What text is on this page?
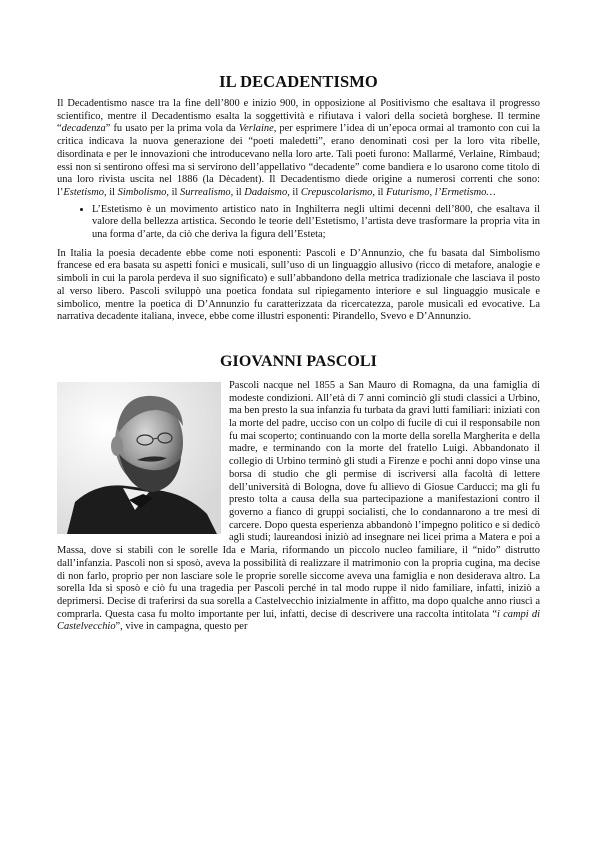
IL DECADENTISMO

Il Decadentismo nasce tra la fine dell’800 e inizio 900, in opposizione al Positivismo che esaltava il progresso scientifico, mentre il Decadentismo esalta la soggettività e rifiutava i valori della società borghese. Il termine “decadenza” fu usato per la prima vola da Verlaine, per esprimere l’idea di un’epoca ormai al tramonto con cui la critica indicava la nuova generazione dei “poeti maledetti”, erano denominati così per la loro vita ribelle, disordinata e per le innovazioni che introducevano nella loro arte. Tali poeti furono: Mallarmé, Verlaine, Rimbaud; essi non si sentirono offesi ma si servirono dell’appellativo “decadente” come bandiera e lo usarono come titolo di una loro rivista uscita nel 1886 (la Dècadent). Il Decadentismo diede origine a numerosi correnti che sono: l’Estetismo, il Simbolismo, il Surrealismo, il Dadaismo, il Crepuscolarismo, il Futurismo, l’Ermetismo…

• L’Estetismo è un movimento artistico nato in Inghilterra negli ultimi decenni dell’800, che esaltava il valore della bellezza artistica. Secondo le teorie dell’Estetismo, l’artista deve trasformare la propria vita in una forma d’arte, da ciò che deriva la figura dell’Esteta;

In Italia la poesia decadente ebbe come noti esponenti: Pascoli e D’Annunzio, che fu basata dal Simbolismo francese ed era basata su aspetti fonici e musicali, sull’uso di un linguaggio allusivo (ricco di metafore, analogie e simboli in cui la parola perdeva il suo significato) e sull’abbandono della metrica tradizionale che lasciava il posto al verso libero. Pascoli sviluppò una poetica fondata sul ripiegamento interiore e sul linguaggio musicale e simbolico, mentre la poetica di D’Annunzio fu caratterizzata da ricercatezza, parole musicali ed evocative. La narrativa decadente italiana, invece, ebbe come illustri esponenti: Pirandello, Svevo e D’Annunzio.

GIOVANNI PASCOLI

Pascoli nacque nel 1855 a San Mauro di Romagna, da una famiglia di modeste condizioni. All’età di 7 anni cominciò gli studi classici a Urbino, ma ben presto la sua infanzia fu turbata da gravi lutti familiari: iniziati con la morte del padre, ucciso con un colpo di fucile di cui il responsabile non fu mai scoperto; continuando con la morte della sorella Margherita e della madre, e terminando con la morte del fratello Luigi. Abbandonato il collegio di Urbino terminò gli studi a Firenze e pochi anni dopo vinse una borsa di studio che gli permise di iscriversi alla facoltà di lettere dell’università di Bologna, dove fu allievo di Giosue Carducci; ma gli fu presto tolta a causa della sua partecipazione a manifestazioni contro il governo a fianco di gruppi socialisti, che lo condannarono a tre mesi di carcere. Dopo questa esperienza abbandonò l’impegno politico e si dedicò agli studi; laureandosi iniziò ad insegnare nei licei prima a Matera e poi a Massa, dove si stabilì con le sorelle Ida e Maria, riformando un piccolo nucleo familiare, il “nido” distrutto dall’infanzia. Pascoli non si sposò, aveva la possibilità di realizzare il matrimonio con la propria cugina, ma decise di non farlo, proprio per non lasciare sole le proprie sorelle siccome aveva una famiglia e non desiderava altro. La sorella Ida si sposò e ciò fu una tragedia per Pascoli perché in tal modo ruppe il nido familiare, infatti, iniziò a deprimersi. Decise di traferirsi da sua sorella a Castelvecchio inizialmente in affitto, ma dopo qualche anno riuscì a comprarla. Questa casa fu molto importante per lui, infatti, decise di descrivere una raccolta intitolata “i campi di Castelvecchio”, vive in campagna, questo per
